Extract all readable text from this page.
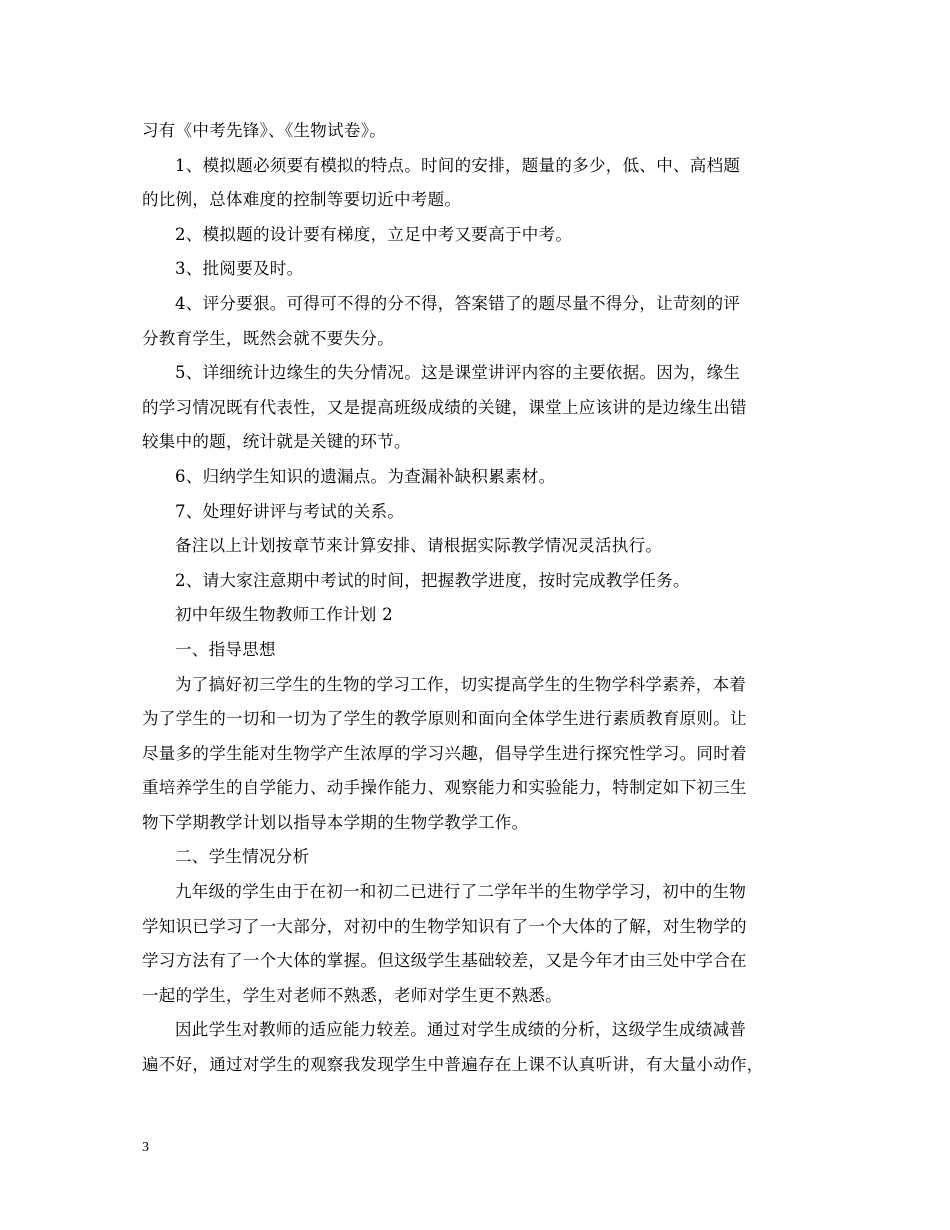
习有《中考先锋》、《生物试卷》。
1、模拟题必须要有模拟的特点。时间的安排，题量的多少，低、中、高档题
的比例，总体难度的控制等要切近中考题。
2、模拟题的设计要有梯度，立足中考又要高于中考。
3、批阅要及时。
4、评分要狠。可得可不得的分不得，答案错了的题尽量不得分，让苛刻的评
分教育学生，既然会就不要失分。
5、详细统计边缘生的失分情况。这是课堂讲评内容的主要依据。因为，缘生
的学习情况既有代表性，又是提高班级成绩的关键，课堂上应该讲的是边缘生出错
较集中的题，统计就是关键的环节。
6、归纳学生知识的遗漏点。为查漏补缺积累素材。
7、处理好讲评与考试的关系。
备注以上计划按章节来计算安排、请根据实际教学情况灵活执行。
2、请大家注意期中考试的时间，把握教学进度，按时完成教学任务。
初中年级生物教师工作计划 2
一、指导思想
为了搞好初三学生的生物的学习工作，切实提高学生的生物学科学素养，本着
为了学生的一切和一切为了学生的教学原则和面向全体学生进行素质教育原则。让
尽量多的学生能对生物学产生浓厚的学习兴趣，倡导学生进行探究性学习。同时着
重培养学生的自学能力、动手操作能力、观察能力和实验能力，特制定如下初三生
物下学期教学计划以指导本学期的生物学教学工作。
二、学生情况分析
九年级的学生由于在初一和初二已进行了二学年半的生物学学习，初中的生物
学知识已学习了一大部分，对初中的生物学知识有了一个大体的了解，对生物学的
学习方法有了一个大体的掌握。但这级学生基础较差，又是今年才由三处中学合在
一起的学生，学生对老师不熟悉，老师对学生更不熟悉。
因此学生对教师的适应能力较差。通过对学生成绩的分析，这级学生成绩减普
遍不好，通过对学生的观察我发现学生中普遍存在上课不认真听讲，有大量小动作，
3
